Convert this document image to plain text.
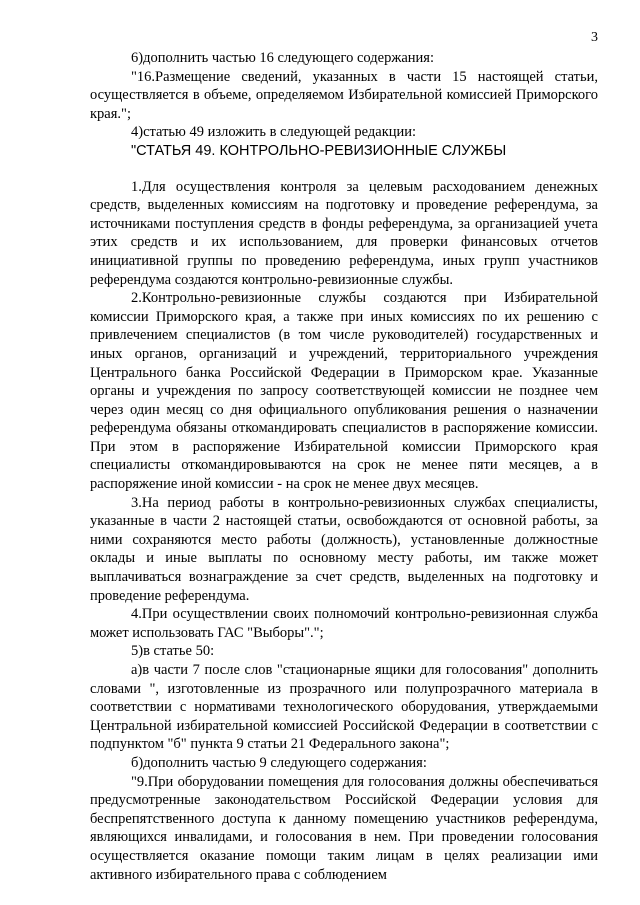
3

6)дополнить частью 16 следующего содержания:

"16.Размещение сведений, указанных в части 15 настоящей статьи, осуществляется в объеме, определяемом Избирательной комиссией Приморского края.";

4)статью 49 изложить в следующей редакции:

"СТАТЬЯ 49. КОНТРОЛЬНО-РЕВИЗИОННЫЕ СЛУЖБЫ

1.Для осуществления контроля за целевым расходованием денежных средств, выделенных комиссиям на подготовку и проведение референдума, за источниками поступления средств в фонды референдума, за организацией учета этих средств и их использованием, для проверки финансовых отчетов инициативной группы по проведению референдума, иных групп участников референдума создаются контрольно-ревизионные службы.

2.Контрольно-ревизионные службы создаются при Избирательной комиссии Приморского края, а также при иных комиссиях по их решению с привлечением специалистов (в том числе руководителей) государственных и иных органов, организаций и учреждений, территориального учреждения Центрального банка Российской Федерации в Приморском крае. Указанные органы и учреждения по запросу соответствующей комиссии не позднее чем через один месяц со дня официального опубликования решения о назначении референдума обязаны откомандировать специалистов в распоряжение комиссии. При этом в распоряжение Избирательной комиссии Приморского края специалисты откомандировываются на срок не менее пяти месяцев, а в распоряжение иной комиссии - на срок не менее двух месяцев.

3.На период работы в контрольно-ревизионных службах специалисты, указанные в части 2 настоящей статьи, освобождаются от основной работы, за ними сохраняются место работы (должность), установленные должностные оклады и иные выплаты по основному месту работы, им также может выплачиваться вознаграждение за счет средств, выделенных на подготовку и проведение референдума.

4.При осуществлении своих полномочий контрольно-ревизионная служба может использовать ГАС "Выборы".";

5)в статье 50:

а)в части 7 после слов "стационарные ящики для голосования" дополнить словами ", изготовленные из прозрачного или полупрозрачного материала в соответствии с нормативами технологического оборудования, утверждаемыми Центральной избирательной комиссией Российской Федерации в соответствии с подпунктом "б" пункта 9 статьи 21 Федерального закона";

б)дополнить частью 9 следующего содержания:

"9.При оборудовании помещения для голосования должны обеспечиваться предусмотренные законодательством Российской Федерации условия для беспрепятственного доступа к данному помещению участников референдума, являющихся инвалидами, и голосования в нем. При проведении голосования осуществляется оказание помощи таким лицам в целях реализации ими активного избирательного права с соблюдением
